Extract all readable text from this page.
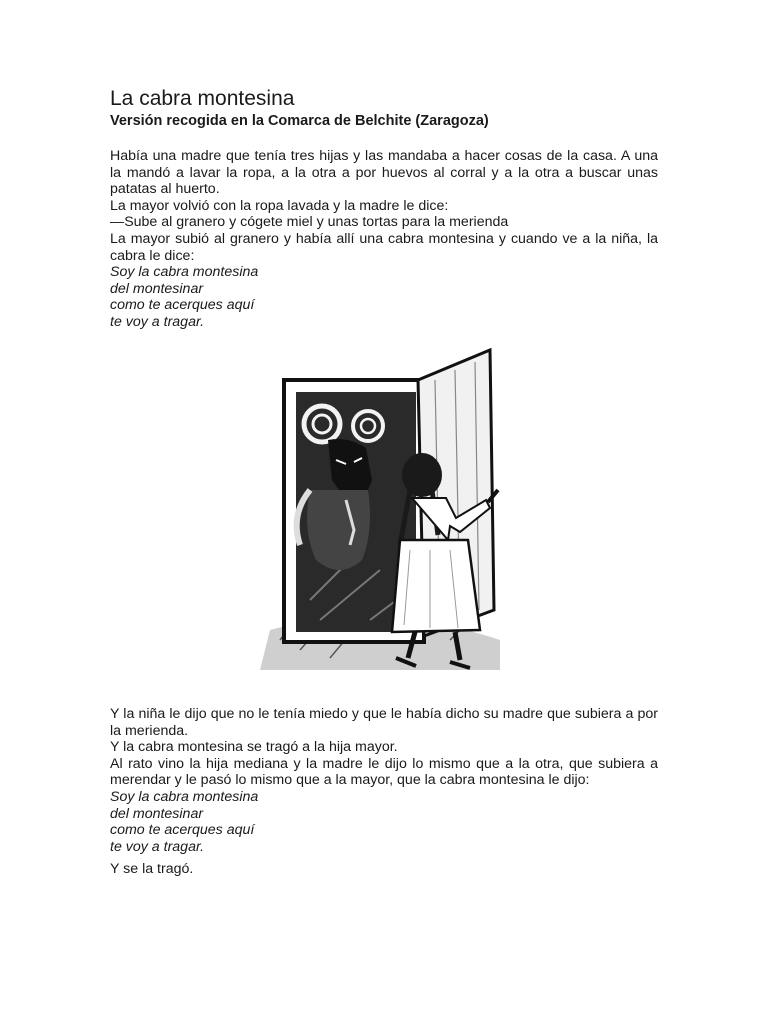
La cabra montesina

Versión recogida en la Comarca de Belchite (Zaragoza)

Había una madre que tenía tres hijas y las mandaba a hacer cosas de la casa. A una la mandó a lavar la ropa, a la otra a por huevos al corral y a la otra a buscar unas patatas al huerto.

La mayor volvió con la ropa lavada y la madre le dice:

—Sube al granero y cógete miel y unas tortas para la merienda

La mayor subió al granero y había allí una cabra montesina y cuando ve a la niña, la cabra le dice:

Soy la cabra montesina

del montesinar

como te acerques aquí

te voy a tragar.

Y la niña le dijo que no le tenía miedo y que le había dicho su madre que subiera a por la merienda.

Y la cabra montesina se tragó a la hija mayor.

Al rato vino la hija mediana y la madre le dijo lo mismo que a la otra, que subiera a merendar y le pasó lo mismo que a la mayor, que la cabra montesina le dijo:

Soy la cabra montesina

del montesinar

como te acerques aquí

te voy a tragar.

Y se la tragó.
